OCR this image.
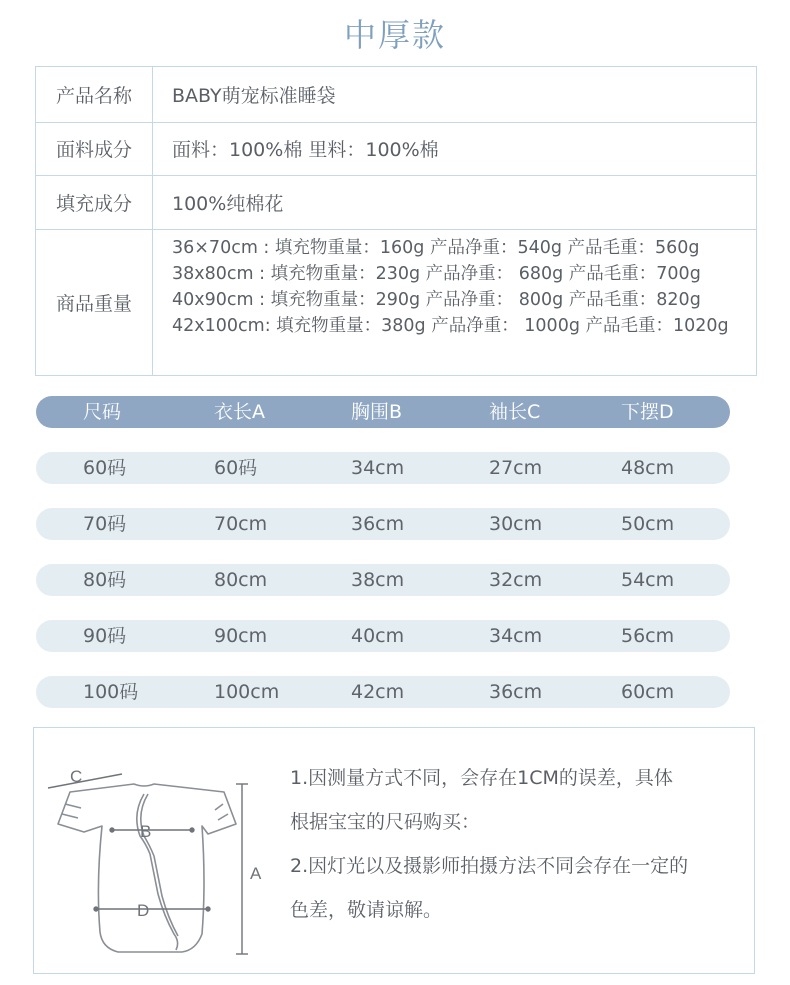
中厚款
产品名称	BABY萌宠标准睡袋
面料成分	面料：100%棉 里料：100%棉
填充成分	100%纯棉花
商品重量
36×70cm : 填充物重量：160g 产品净重：540g 产品毛重：560g
38x80cm : 填充物重量：230g 产品净重： 680g 产品毛重：700g
40x90cm : 填充物重量：290g 产品净重： 800g 产品毛重：820g
42x100cm: 填充物重量：380g 产品净重： 1000g 产品毛重：1020g
尺码	衣长A	胸围B	袖长C	下摆D
60码	60码	34cm	27cm	48cm
70码	70cm	36cm	30cm	50cm
80码	80cm	38cm	32cm	54cm
90码	90cm	40cm	34cm	56cm
100码	100cm	42cm	36cm	60cm
C
B
A
D
1.因测量方式不同，会存在1CM的误差，具体
根据宝宝的尺码购买：
2.因灯光以及摄影师拍摄方法不同会存在一定的
色差，敬请谅解。
